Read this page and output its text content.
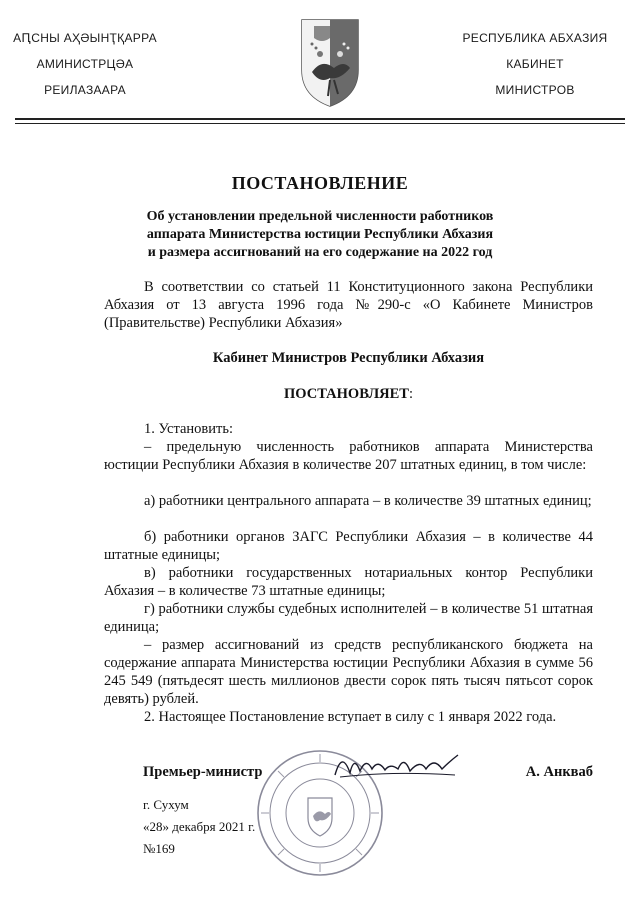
АԤСНЫ АҲӘЫНҬҚАРРА
АМИНИСТРЦӘА
РЕИЛАЗААРА
РЕСПУБЛИКА АБХАЗИЯ
КАБИНЕТ
МИНИСТРОВ
ПОСТАНОВЛЕНИЕ
Об установлении предельной численности работников
аппарата Министерства юстиции Республики Абхазия
и размера ассигнований на его содержание на 2022 год
В соответствии со статьей 11 Конституционного закона Республики Абхазия от 13 августа 1996 года №290-с «О Кабинете Министров (Правительстве) Республики Абхазия»
Кабинет Министров Республики Абхазия
ПОСТАНОВЛЯЕТ:
1. Установить:
– предельную численность работников аппарата Министерства юстиции Республики Абхазия в количестве 207 штатных единиц, в том числе:
а) работники центрального аппарата – в количестве 39 штатных единиц;
б) работники органов ЗАГС Республики Абхазия – в количестве 44 штатные единицы;
в) работники государственных нотариальных контор Республики Абхазия – в количестве 73 штатные единицы;
г) работники службы судебных исполнителей – в количестве 51 штатная единица;
– размер ассигнований из средств республиканского бюджета на содержание аппарата Министерства юстиции Республики Абхазия в сумме 56 245 549 (пятьдесят шесть миллионов двести сорок пять тысяч пятьсот сорок девять) рублей.
2. Настоящее Постановление вступает в силу с 1 января 2022 года.
Премьер-министр	А. Анкваб
г. Сухум
«28» декабря 2021 г.
№169
